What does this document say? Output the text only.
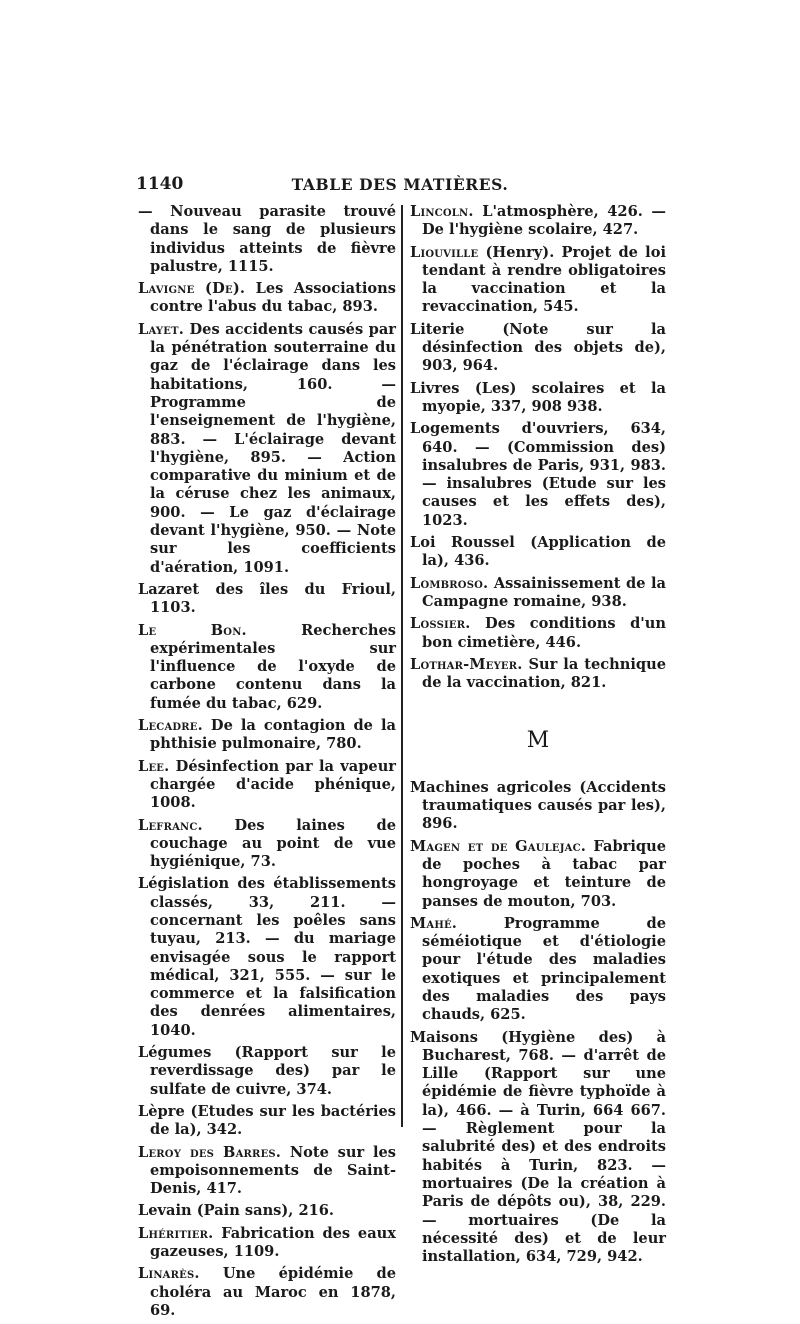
1140	TABLE DES MATIÈRES.

— Nouveau parasite trouvé dans le sang de plusieurs individus atteints de fièvre palustre, 1115.

Lavigne (De). Les Associations contre l'abus du tabac, 893.

Layet. Des accidents causés par la pénétration souterraine du gaz de l'éclairage dans les habitations, 160. — Programme de l'enseignement de l'hygiène, 883. — L'éclairage devant l'hygiène, 895. — Action comparative du minium et de la céruse chez les animaux, 900. — Le gaz d'éclairage devant l'hygiène, 950. — Note sur les coefficients d'aération, 1091.

Lazaret des îles du Frioul, 1103.

Le Bon. Recherches expérimentales sur l'influence de l'oxyde de carbone contenu dans la fumée du tabac, 629.

Lecadre. De la contagion de la phthisie pulmonaire, 780.

Lee. Désinfection par la vapeur chargée d'acide phénique, 1008.

Lefranc. Des laines de couchage au point de vue hygiénique, 73.

Législation des établissements classés, 33, 211. — concernant les poêles sans tuyau, 213. — du mariage envisagée sous le rapport médical, 321, 555. — sur le commerce et la falsification des denrées alimentaires, 1040.

Légumes (Rapport sur le reverdissage des) par le sulfate de cuivre, 374.

Lèpre (Etudes sur les bactéries de la), 342.

Leroy des Barres. Note sur les empoisonnements de Saint-Denis, 417.

Levain (Pain sans), 216.

Lhéritier. Fabrication des eaux gazeuses, 1109.

Linarès. Une épidémie de choléra au Maroc en 1878, 69.

Lincoln. L'atmosphère, 426. — De l'hygiène scolaire, 427.

Liouville (Henry). Projet de loi tendant à rendre obligatoires la vaccination et la revaccination, 545.

Literie (Note sur la désinfection des objets de), 903, 964.

Livres (Les) scolaires et la myopie, 337, 908 938.

Logements d'ouvriers, 634, 640. — (Commission des) insalubres de Paris, 931, 983. — insalubres (Etude sur les causes et les effets des), 1023.

Loi Roussel (Application de la), 436.

Lombroso. Assainissement de la Campagne romaine, 938.

Lossier. Des conditions d'un bon cimetière, 446.

Lothar-Meyer. Sur la technique de la vaccination, 821.

M

Machines agricoles (Accidents traumatiques causés par les), 896.

Magen et de Gaulejac. Fabrique de poches à tabac par hongroyage et teinture de panses de mouton, 703.

Mahé. Programme de séméiotique et d'étiologie pour l'étude des maladies exotiques et principalement des maladies des pays chauds, 625.

Maisons (Hygiène des) à Bucharest, 768. — d'arrêt de Lille (Rapport sur une épidémie de fièvre typhoïde à la), 466. — à Turin, 664 667. — Règlement pour la salubrité des) et des endroits habités à Turin, 823. — mortuaires (De la création à Paris de dépôts ou), 38, 229. — mortuaires (De la nécessité des) et de leur installation, 634, 729, 942.
